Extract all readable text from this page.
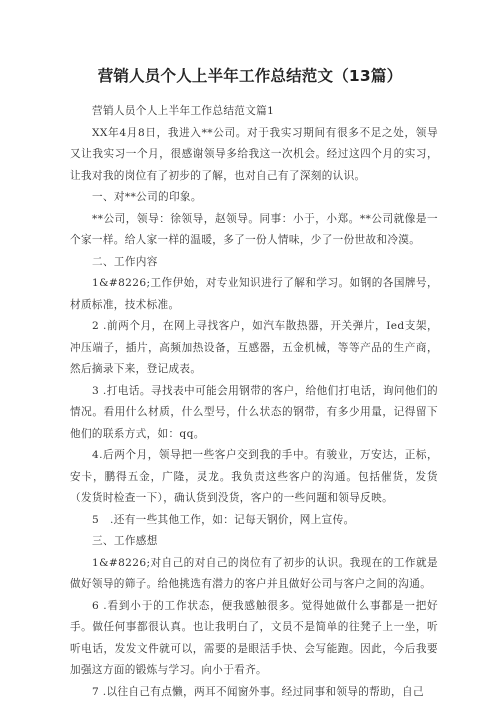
营销人员个人上半年工作总结范文（13篇）

营销人员个人上半年工作总结范文篇1

XX年4月8日，我进入**公司。对于我实习期间有很多不足之处，领导又让我实习一个月，很感谢领导多给我这一次机会。经过这四个月的实习，让我对我的岗位有了初步的了解，也对自己有了深刻的认识。

一、对**公司的印象。

**公司，领导：徐领导，赵领导。同事：小于，小郑。**公司就像是一个家一样。给人家一样的温暖，多了一份人情味，少了一份世故和冷漠。

二、工作内容

1&#8226;工作伊始，对专业知识进行了解和学习。如钢的各国牌号，材质标准，技术标准。

2 .前两个月，在网上寻找客户，如汽车散热器，开关弹片，Ied支架，冲压端子，插片，高频加热设备，互感器，五金机械，等等产品的生产商，然后摘录下来，登记成表。

3 .打电话。寻找表中可能会用钢带的客户，给他们打电话，询问他们的情况。看用什么材质，什么型号，什么状态的钢带，有多少用量，记得留下他们的联系方式，如：qq。

4.后两个月，领导把一些客户交到我的手中。有骏业，万安达，正标，安卡，鹏得五金，广隆，灵龙。我负责这些客户的沟通。包括催货，发货（发货时检查一下），确认货到没货，客户的一些问题和领导反映。

5　.还有一些其他工作，如：记每天钢价，网上宣传。

三、工作感想

1&#8226;对自己的对自己的岗位有了初步的认识。我现在的工作就是做好领导的筛子。给他挑选有潜力的客户并且做好公司与客户之间的沟通。

6 .看到小于的工作状态，便我感触很多。觉得她做什么事都是一把好手。做任何事都很认真。也让我明白了，文员不是简单的往凳子上一坐，听听电话，发发文件就可以，需要的是眼活手快、会写能跑。因此，今后我要加强这方面的锻炼与学习。向小于看齐。

7 .以往自己有点懒，两耳不闻窗外事。经过同事和领导的帮助，自己
